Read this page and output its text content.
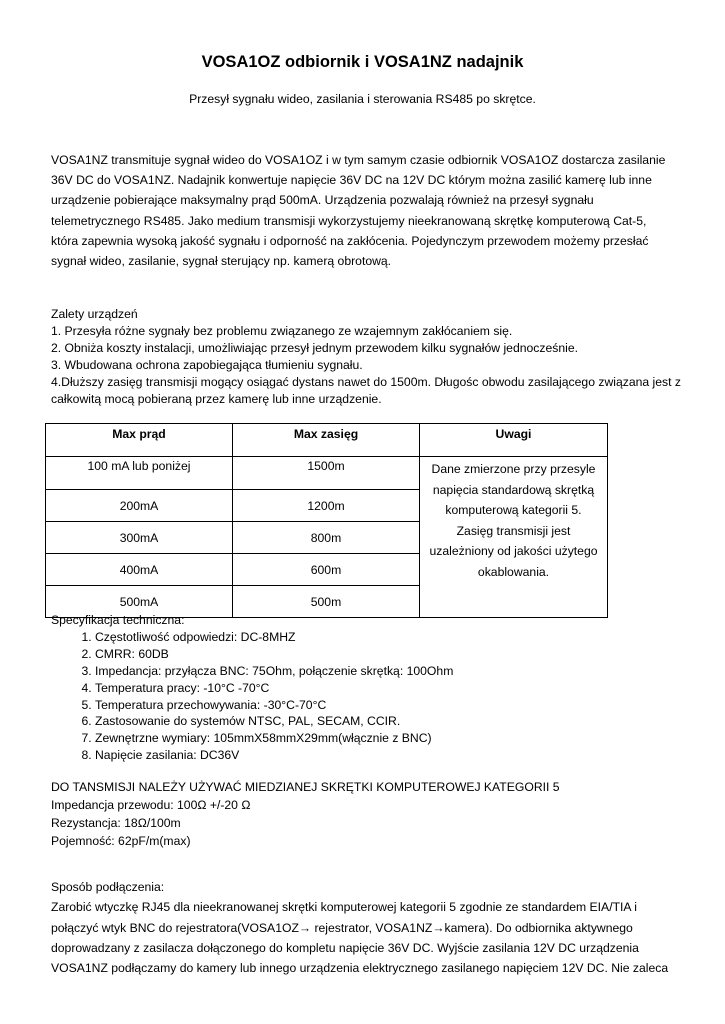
VOSA1OZ odbiornik i VOSA1NZ nadajnik

Przesył sygnału wideo, zasilania i sterowania RS485 po skrętce.

VOSA1NZ transmituje sygnał wideo do VOSA1OZ i w tym samym czasie odbiornik VOSA1OZ dostarcza zasilanie 36V DC do VOSA1NZ. Nadajnik konwertuje napięcie 36V DC na 12V DC którym można zasilić kamerę lub inne urządzenie pobierające maksymalny prąd 500mA. Urządzenia pozwalają również na przesył sygnału telemetrycznego RS485. Jako medium transmisji wykorzystujemy nieekranowaną skrętkę komputerową Cat-5, która zapewnia wysoką jakość sygnału i odporność na zakłócenia. Pojedynczym przewodem możemy przesłać sygnał wideo, zasilanie, sygnał sterujący np. kamerą obrotową.

Zalety urządzeń

1. Przesyła różne sygnały bez problemu związanego ze wzajemnym zakłócaniem się.

2. Obniża koszty instalacji, umożliwiając przesył jednym przewodem kilku sygnałów jednocześnie.

3. Wbudowana ochrona zapobiegająca tłumieniu sygnału.

4.Dłuższy zasięg transmisji mogący osiągać dystans nawet do 1500m. Długośc obwodu zasilającego związana jest z całkowitą mocą pobieraną przez kamerę lub inne urządzenie.

Max prąd	Max zasięg	Uwagi
100 mA lub poniżej	1500m	Dane zmierzone przy przesyle napięcia standardową skrętką komputerową kategorii 5. Zasięg transmisji jest uzależniony od jakości użytego okablowania.
200mA	1200m	
300mA	800m	
400mA	600m	
500mA	500m	
Specyfikacja techniczna:
1. Częstotliwość odpowiedzi: DC-8MHZ
2. CMRR: 60DB
3. Impedancja: przyłącza BNC: 75Ohm, połączenie skrętką: 100Ohm
4. Temperatura pracy: -10°C -70°C
5. Temperatura przechowywania: -30°C-70°C
6. Zastosowanie do systemów NTSC, PAL, SECAM, CCIR.
7. Zewnętrzne wymiary: 105mmX58mmX29mm(włącznie z BNC)
8. Napięcie zasilania: DC36V

DO TANSMISJI NALEŻY UŻYWAĆ MIEDZIANEJ SKRĘTKI KOMPUTEROWEJ KATEGORII 5

Impedancja przewodu: 100Ω +/-20 Ω

Rezystancja: 18Ω/100m

Pojemność: 62pF/m(max)

Sposób podłączenia:

Zarobić wtyczkę RJ45 dla nieekranowanej skrętki komputerowej kategorii 5 zgodnie ze standardem EIA/TIA i połączyć wtyk BNC do rejestratora(VOSA1OZ→ rejestrator, VOSA1NZ→kamera). Do odbiornika aktywnego doprowadzany z zasilacza dołączonego do kompletu napięcie 36V DC. Wyjście zasilania 12V DC urządzenia VOSA1NZ podłączamy do kamery lub innego urządzenia elektrycznego zasilanego napięciem 12V DC. Nie zaleca
